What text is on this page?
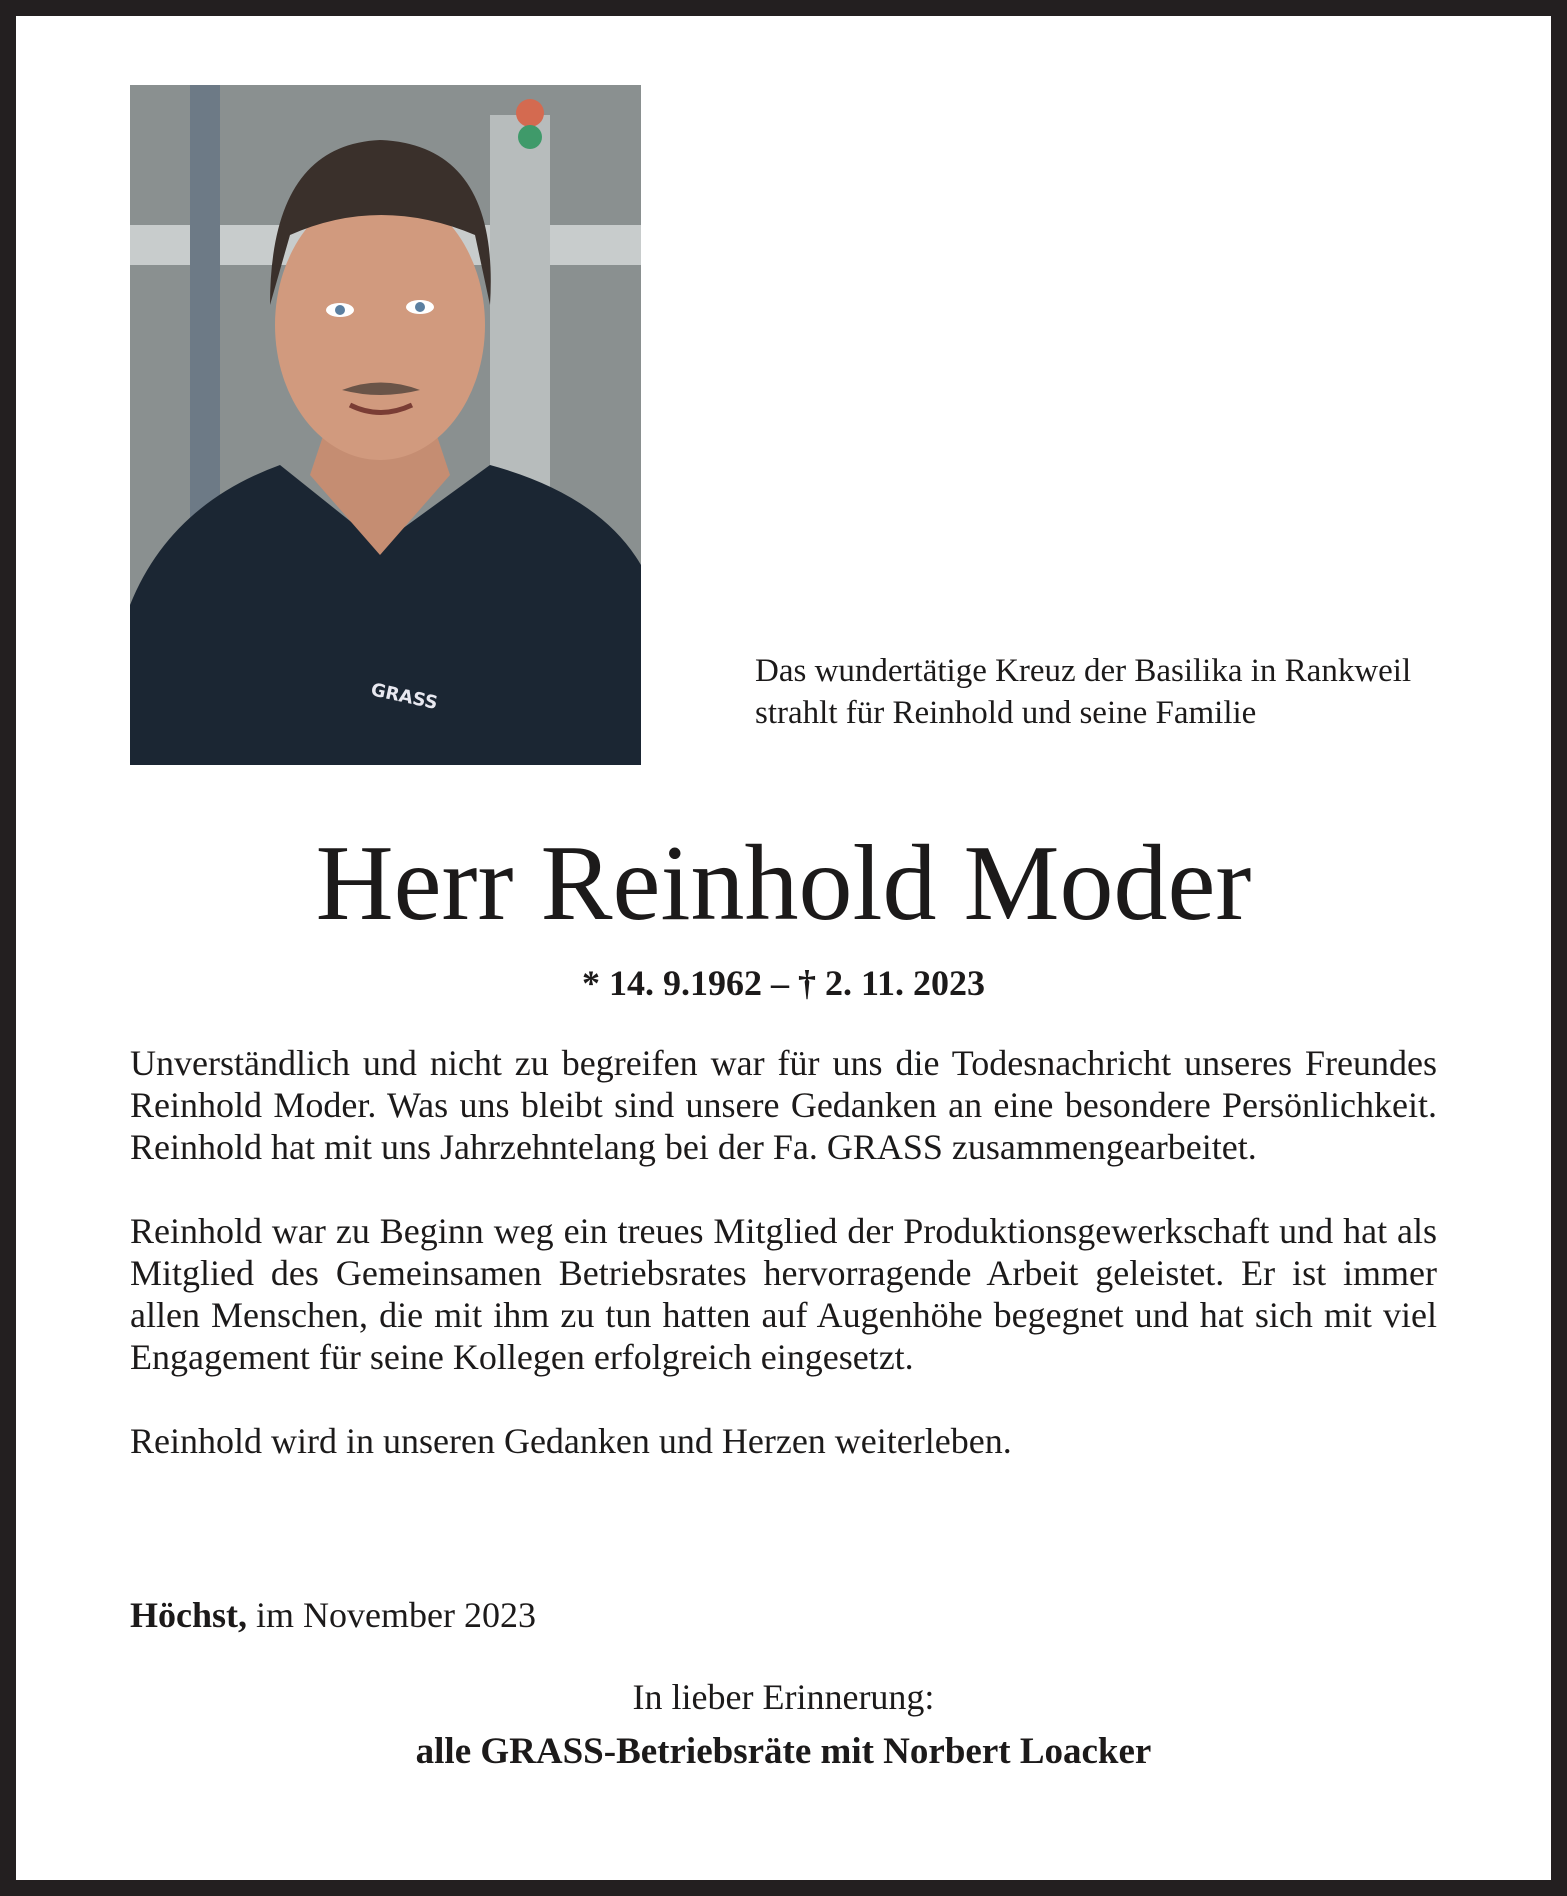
GRASS
Das wundertätige Kreuz der Basilika in Rankweil strahlt für Reinhold und seine Familie
Herr Reinhold Moder
* 14. 9.1962 – † 2. 11. 2023

Unverständlich und nicht zu begreifen war für uns die Todesnachricht unseres Freundes Reinhold Moder. Was uns bleibt sind unsere Gedanken an eine besondere Persönlichkeit. Reinhold hat mit uns Jahrzehntelang bei der Fa. GRASS zusammengearbeitet.

Reinhold war zu Beginn weg ein treues Mitglied der Produktionsgewerkschaft und hat als Mitglied des Gemeinsamen Betriebsrates hervorragende Arbeit geleistet. Er ist immer allen Menschen, die mit ihm zu tun hatten auf Augenhöhe begegnet und hat sich mit viel Engagement für seine Kollegen erfolgreich eingesetzt.

Reinhold wird in unseren Gedanken und Herzen weiterleben.

Höchst, im November 2023
In lieber Erinnerung:
alle GRASS-Betriebsräte mit Norbert Loacker
